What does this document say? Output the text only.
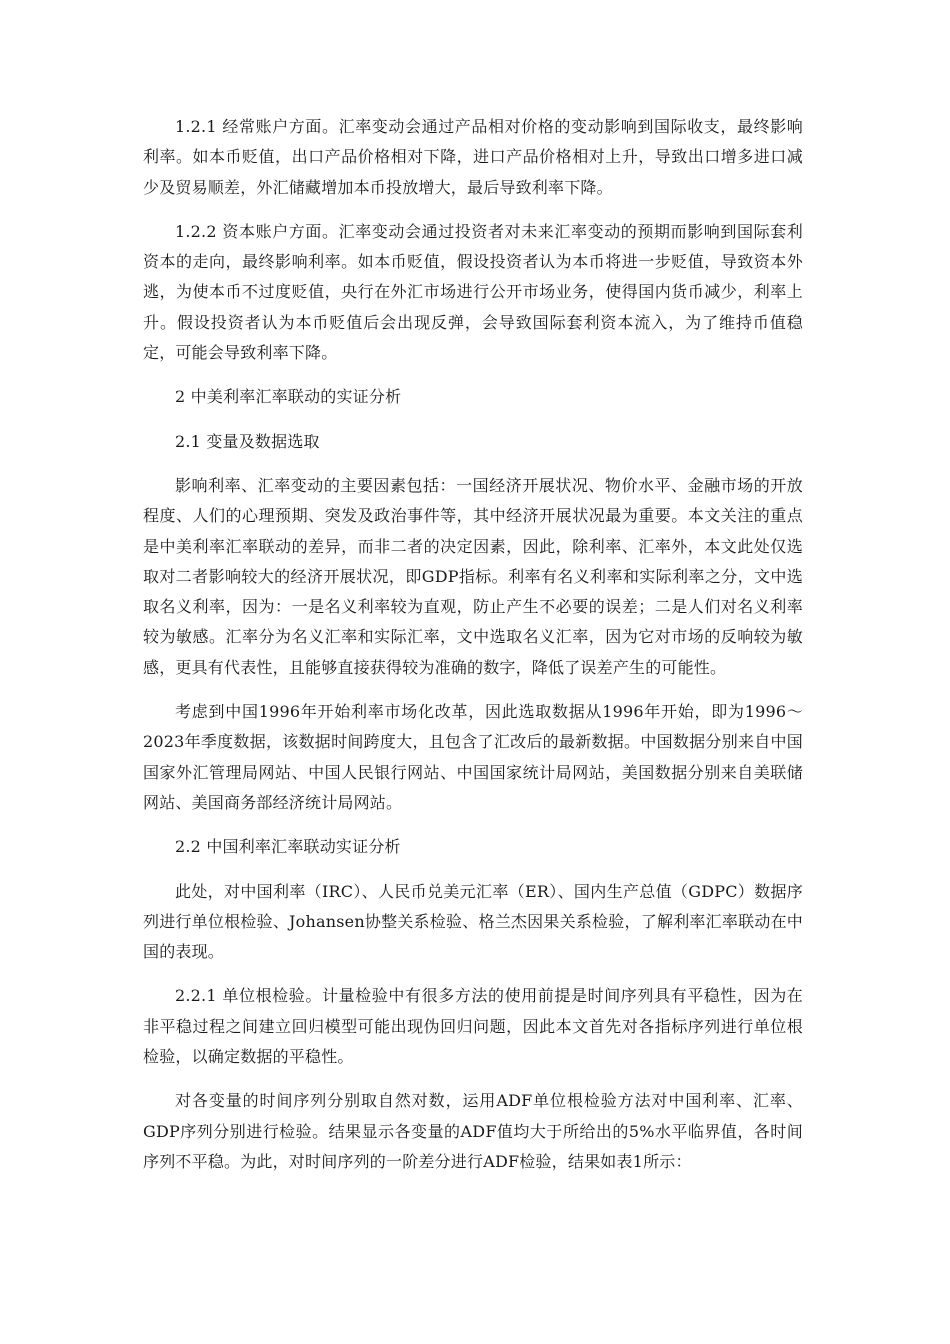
1.2.1 经常账户方面。汇率变动会通过产品相对价格的变动影响到国际收支，最终影响利率。如本币贬值，出口产品价格相对下降，进口产品价格相对上升，导致出口增多进口减少及贸易顺差，外汇储藏增加本币投放增大，最后导致利率下降。

1.2.2 资本账户方面。汇率变动会通过投资者对未来汇率变动的预期而影响到国际套利资本的走向，最终影响利率。如本币贬值，假设投资者认为本币将进一步贬值，导致资本外逃，为使本币不过度贬值，央行在外汇市场进行公开市场业务，使得国内货币减少，利率上升。假设投资者认为本币贬值后会出现反弹，会导致国际套利资本流入，为了维持币值稳定，可能会导致利率下降。

2 中美利率汇率联动的实证分析

2.1 变量及数据选取

影响利率、汇率变动的主要因素包括：一国经济开展状况、物价水平、金融市场的开放程度、人们的心理预期、突发及政治事件等，其中经济开展状况最为重要。本文关注的重点是中美利率汇率联动的差异，而非二者的决定因素，因此，除利率、汇率外，本文此处仅选取对二者影响较大的经济开展状况，即GDP指标。利率有名义利率和实际利率之分，文中选取名义利率，因为：一是名义利率较为直观，防止产生不必要的误差；二是人们对名义利率较为敏感。汇率分为名义汇率和实际汇率，文中选取名义汇率，因为它对市场的反响较为敏感，更具有代表性，且能够直接获得较为准确的数字，降低了误差产生的可能性。

考虑到中国1996年开始利率市场化改革，因此选取数据从1996年开始，即为1996～2023年季度数据，该数据时间跨度大，且包含了汇改后的最新数据。中国数据分别来自中国国家外汇管理局网站、中国人民银行网站、中国国家统计局网站，美国数据分别来自美联储网站、美国商务部经济统计局网站。

2.2 中国利率汇率联动实证分析

此处，对中国利率（IRC）、人民币兑美元汇率（ER）、国内生产总值（GDPC）数据序列进行单位根检验、Johansen协整关系检验、格兰杰因果关系检验，了解利率汇率联动在中国的表现。

2.2.1 单位根检验。计量检验中有很多方法的使用前提是时间序列具有平稳性，因为在非平稳过程之间建立回归模型可能出现伪回归问题，因此本文首先对各指标序列进行单位根检验，以确定数据的平稳性。

对各变量的时间序列分别取自然对数，运用ADF单位根检验方法对中国利率、汇率、GDP序列分别进行检验。结果显示各变量的ADF值均大于所给出的5%水平临界值，各时间序列不平稳。为此，对时间序列的一阶差分进行ADF检验，结果如表1所示：
